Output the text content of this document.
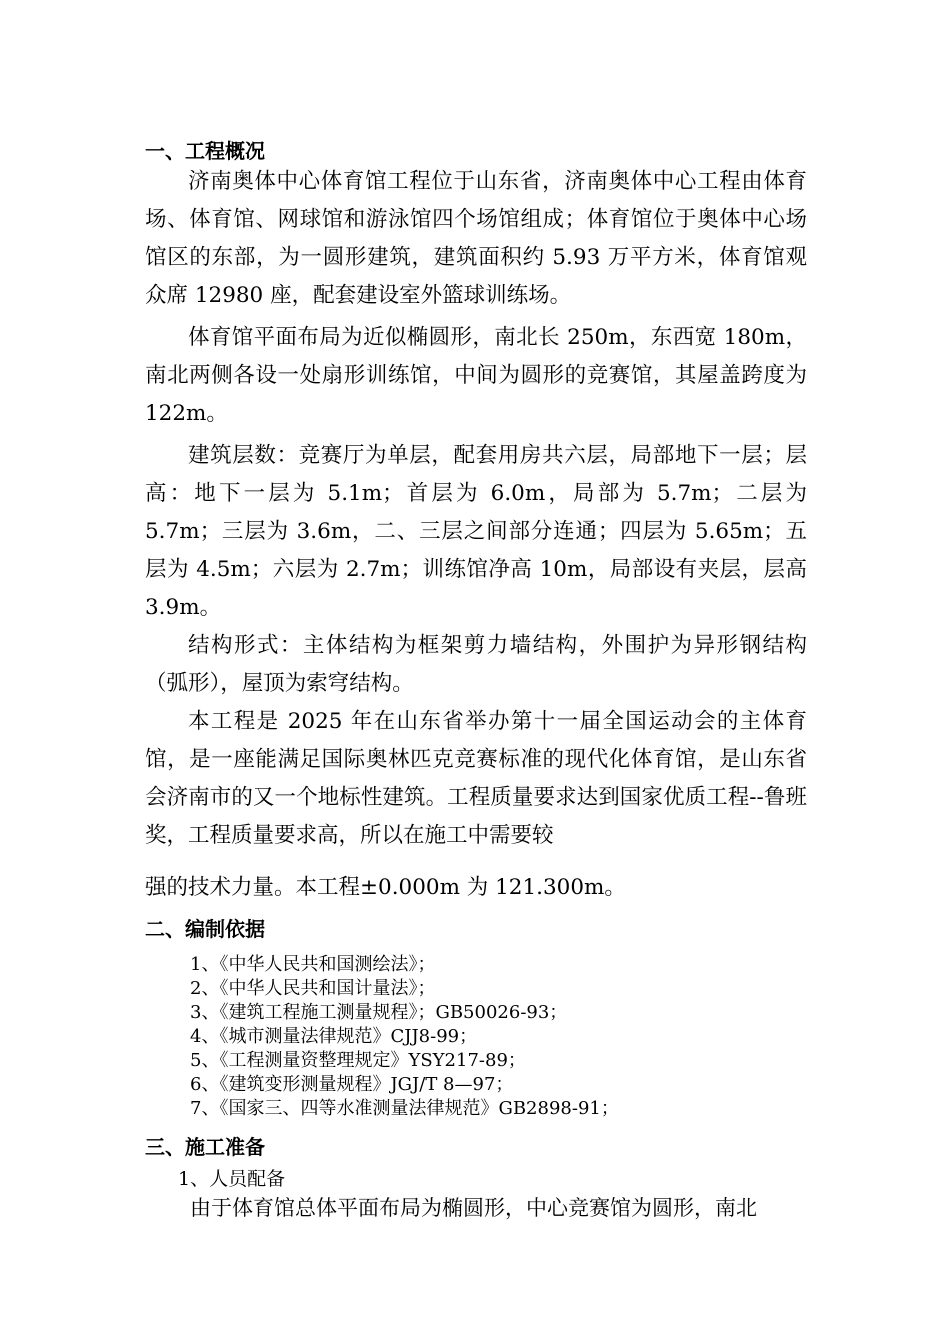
一、工程概况

济南奥体中心体育馆工程位于山东省，济南奥体中心工程由体育场、体育馆、网球馆和游泳馆四个场馆组成；体育馆位于奥体中心场馆区的东部，为一圆形建筑，建筑面积约 5.93 万平方米，体育馆观众席 12980 座，配套建设室外篮球训练场。

体育馆平面布局为近似椭圆形，南北长 250m，东西宽 180m，南北两侧各设一处扇形训练馆，中间为圆形的竞赛馆，其屋盖跨度为 122m。

建筑层数：竞赛厅为单层，配套用房共六层，局部地下一层；层高：地下一层为 5.1m；首层为 6.0m，局部为 5.7m；二层为 5.7m；三层为 3.6m，二、三层之间部分连通；四层为 5.65m；五层为 4.5m；六层为 2.7m；训练馆净高 10m，局部设有夹层，层高 3.9m。

结构形式：主体结构为框架剪力墙结构，外围护为异形钢结构（弧形），屋顶为索穹结构。

本工程是 2025 年在山东省举办第十一届全国运动会的主体育馆，是一座能满足国际奥林匹克竞赛标准的现代化体育馆，是山东省会济南市的又一个地标性建筑。工程质量要求达到国家优质工程--鲁班奖，工程质量要求高，所以在施工中需要较

强的技术力量。本工程±0.000m 为 121.300m。

二、编制依据
1、《中华人民共和国测绘法》；
2、《中华人民共和国计量法》；
3、《建筑工程施工测量规程》；GB50026-93；
4、《城市测量法律规范》CJJ8-99；
5、《工程测量资整理规定》YSY217-89；
6、《建筑变形测量规程》JGJ/T 8—97；
7、《国家三、四等水准测量法律规范》GB2898-91；
三、施工准备
1、人员配备
由于体育馆总体平面布局为椭圆形，中心竞赛馆为圆形，南北
